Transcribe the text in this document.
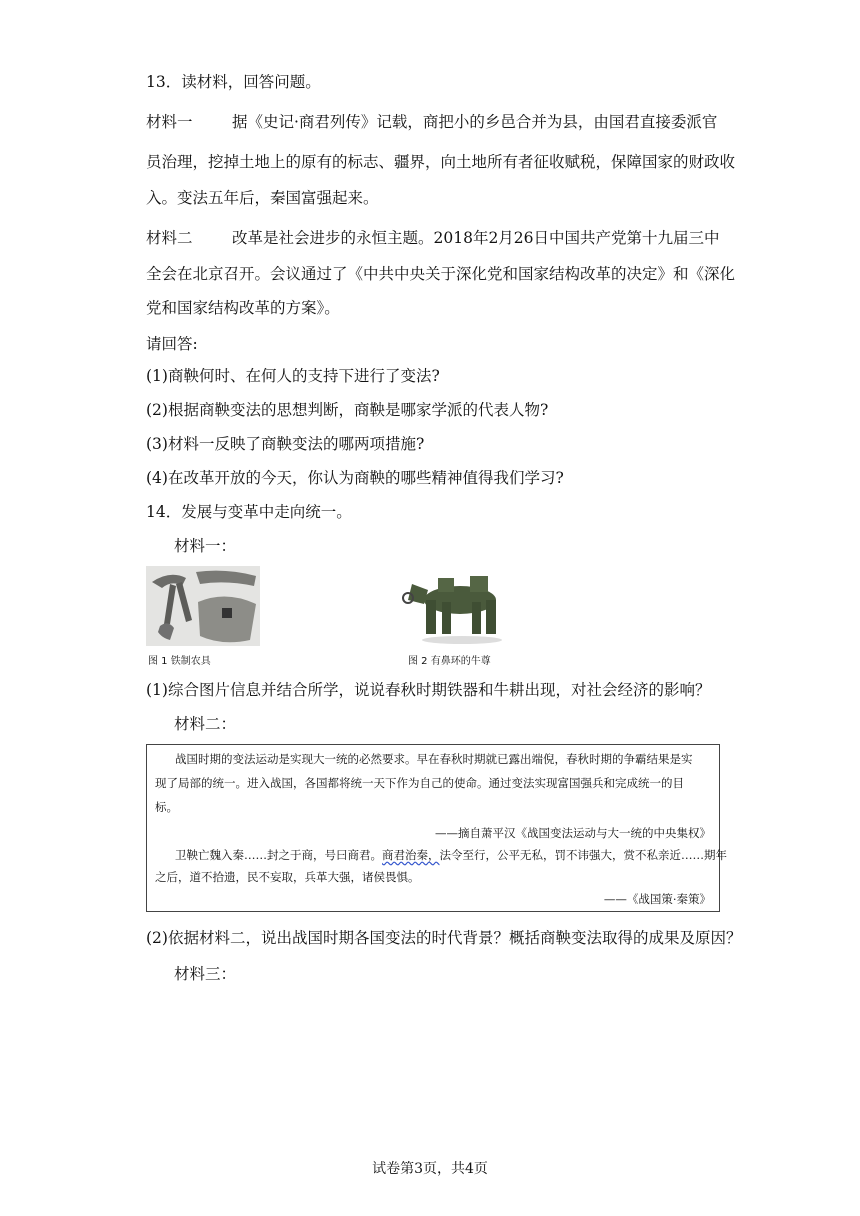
13．读材料，回答问题。
材料一	据《史记·商君列传》记载，商把小的乡邑合并为县，由国君直接委派官
员治理，挖掉土地上的原有的标志、疆界，向土地所有者征收赋税，保障国家的财政收
入。变法五年后，秦国富强起来。
材料二	改革是社会进步的永恒主题。2018年2月26日中国共产党第十九届三中
全会在北京召开。会议通过了《中共中央关于深化党和国家结构改革的决定》和《深化
党和国家结构改革的方案》。
请回答:
(1)商鞅何时、在何人的支持下进行了变法?
(2)根据商鞅变法的思想判断，商鞅是哪家学派的代表人物?
(3)材料一反映了商鞅变法的哪两项措施?
(4)在改革开放的今天，你认为商鞅的哪些精神值得我们学习?
14．发展与变革中走向统一。
材料一：
图 1 铁制农具	图 2 有鼻环的牛尊
(1)综合图片信息并结合所学，说说春秋时期铁器和牛耕出现，对社会经济的影响？
材料二：
战国时期的变法运动是实现大一统的必然要求。早在春秋时期就已露出端倪，春秋时期的争霸结果是实
现了局部的统一。进入战国，各国都将统一天下作为自己的使命。通过变法实现富国强兵和完成统一的目
标。
——摘自萧平汉《战国变法运动与大一统的中央集权》
卫鞅亡魏入秦……封之于商，号曰商君。商君治秦，法令至行，公平无私，罚不讳强大，赏不私亲近……期年
之后，道不拾遗，民不妄取，兵革大强，诸侯畏惧。
——《战国策·秦策》
(2)依据材料二，说出战国时期各国变法的时代背景？概括商鞅变法取得的成果及原因？
材料三：
试卷第3页，共4页
